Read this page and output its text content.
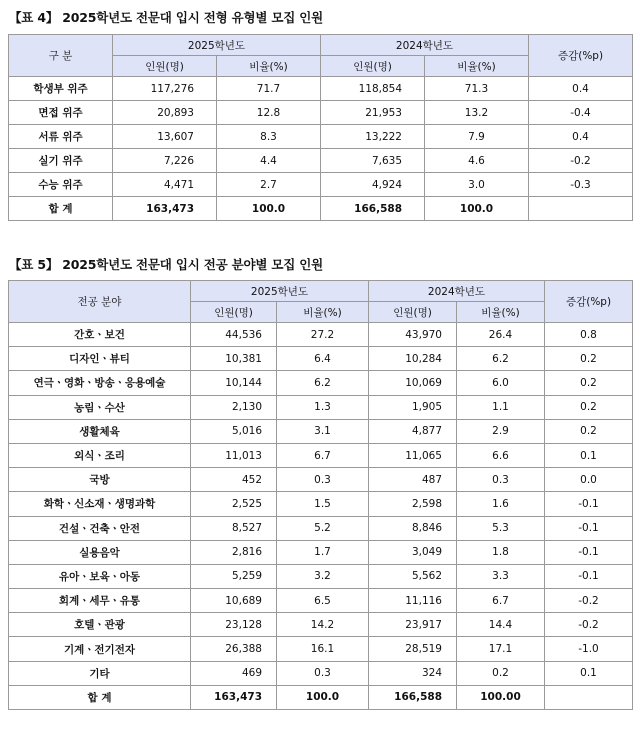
【표 4】 2025학년도 전문대 입시 전형 유형별 모집 인원
구 분	2025학년도		2024학년도		증감(%p)
	인원(명)	비율(%)	인원(명)	비율(%)	
학생부 위주	117,276	71.7	118,854	71.3	0.4
면접 위주	20,893	12.8	21,953	13.2	-0.4
서류 위주	13,607	8.3	13,222	7.9	0.4
실기 위주	7,226	4.4	7,635	4.6	-0.2
수능 위주	4,471	2.7	4,924	3.0	-0.3
합 계	163,473	100.0	166,588	100.0	
【표 5】 2025학년도 전문대 입시 전공 분야별 모집 인원
전공 분야	2025학년도		2024학년도		증감(%p)
	인원(명)	비율(%)	인원(명)	비율(%)	
간호ㆍ보건	44,536	27.2	43,970	26.4	0.8
디자인ㆍ뷰티	10,381	6.4	10,284	6.2	0.2
연극ㆍ영화ㆍ방송ㆍ응용예술	10,144	6.2	10,069	6.0	0.2
농림ㆍ수산	2,130	1.3	1,905	1.1	0.2
생활체육	5,016	3.1	4,877	2.9	0.2
외식ㆍ조리	11,013	6.7	11,065	6.6	0.1
국방	452	0.3	487	0.3	0.0
화학ㆍ신소재ㆍ생명과학	2,525	1.5	2,598	1.6	-0.1
건설ㆍ건축ㆍ안전	8,527	5.2	8,846	5.3	-0.1
실용음악	2,816	1.7	3,049	1.8	-0.1
유아ㆍ보육ㆍ아동	5,259	3.2	5,562	3.3	-0.1
회계ㆍ세무ㆍ유통	10,689	6.5	11,116	6.7	-0.2
호텔ㆍ관광	23,128	14.2	23,917	14.4	-0.2
기계ㆍ전기전자	26,388	16.1	28,519	17.1	-1.0
기타	469	0.3	324	0.2	0.1
합 계	163,473	100.0	166,588	100.00	
